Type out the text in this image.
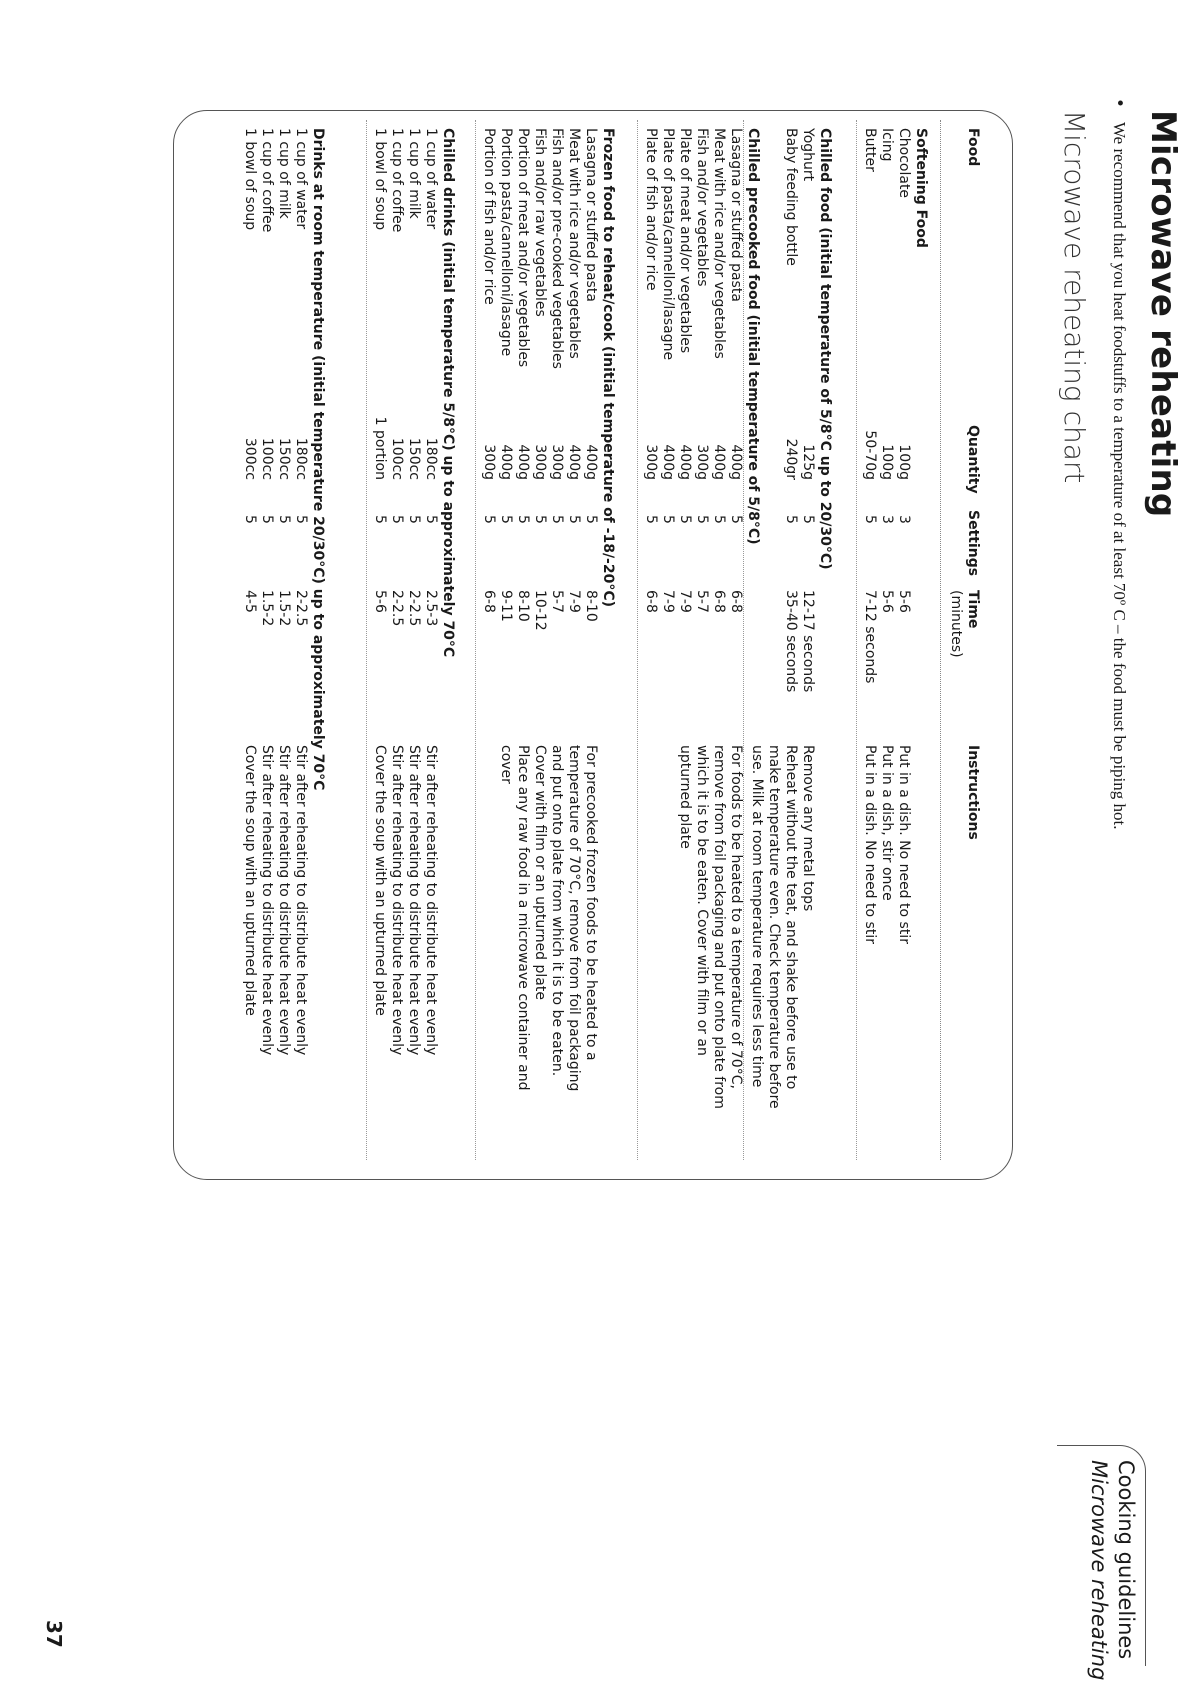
Microwave reheating
•We recommend that you heat foodstuffs to a temperature of at least 70º C – the food must be piping hot.
Microwave reheating chart
Food
Quantity
Settings
Time
(minutes)
Instructions
Softening Food
Chocolate
100g
3
5-6
Icing
100g
3
5-6
Butter
50-70g
5
7-12 seconds
Put in a dish. No need to stir
Put in a dish, stir once
Put in a dish. No need to stir
Chilled food (initial temperature of 5/8°C up to 20/30°C)
Yoghurt
125g
5
12-17 seconds
Baby feeding bottle
240gr
5
35-40 seconds
Remove any metal tops
Reheat without the teat, and shake before use to
make temperature even. Check temperature before
use. Milk at room temperature requires less time
Chilled precooked food (initial temperature of 5/8°C)
Lasagna or stuffed pasta
400g
5
6-8
Meat with rice and/or vegetables
400g
5
6-8
Fish and/or vegetables
300g
5
5-7
Plate of meat and/or vegetables
400g
5
7-9
Plate of pasta/cannelloni/lasagne
400g
5
7-9
Plate of fish and/or rice
300g
5
6-8
For foods to be heated to a temperature of 70°C,
remove from foil packaging and put onto plate from
which it is to be eaten. Cover with film or an
upturned plate
Frozen food to reheat/cook (initial temperature of -18/-20°C)
Lasagna or stuffed pasta
400g
5
8-10
Meat with rice and/or vegetables
400g
5
7-9
Fish and/or pre-cooked vegetables
300g
5
5-7
Fish and/or raw vegetables
300g
5
10-12
Portion of meat and/or vegetables
400g
5
8-10
Portion pasta/cannelloni/lasagne
400g
5
9-11
Portion of fish and/or rice
300g
5
6-8
For precooked frozen foods to be heated to a
temperature of 70°C, remove from foil packaging
and put onto plate from which it is to be eaten.
Cover with film or an upturned plate
Place any raw food in a microwave container and
cover
Chilled drinks (initial temperature 5/8°C) up to approximately 70°C
1 cup of water
180cc
5
2.5-3
1 cup of milk
150cc
5
2-2.5
1 cup of coffee
100cc
5
2-2.5
1 bowl of soup
1 portion
5
5-6
Stir after reheating to distribute heat evenly
Stir after reheating to distribute heat evenly
Stir after reheating to distribute heat evenly
Cover the soup with an upturned plate
Drinks at room temperature (initial temperature 20/30°C) up to approximately 70°C
1 cup of water
180cc
5
2-2.5
1 cup of milk
150cc
5
1.5-2
1 cup of coffee
100cc
5
1.5-2
1 bowl of soup
300cc
5
4-5
Stir after reheating to distribute heat evenly
Stir after reheating to distribute heat evenly
Stir after reheating to distribute heat evenly
Cover the soup with an upturned plate
Cooking guidelines
Microwave reheating
37
